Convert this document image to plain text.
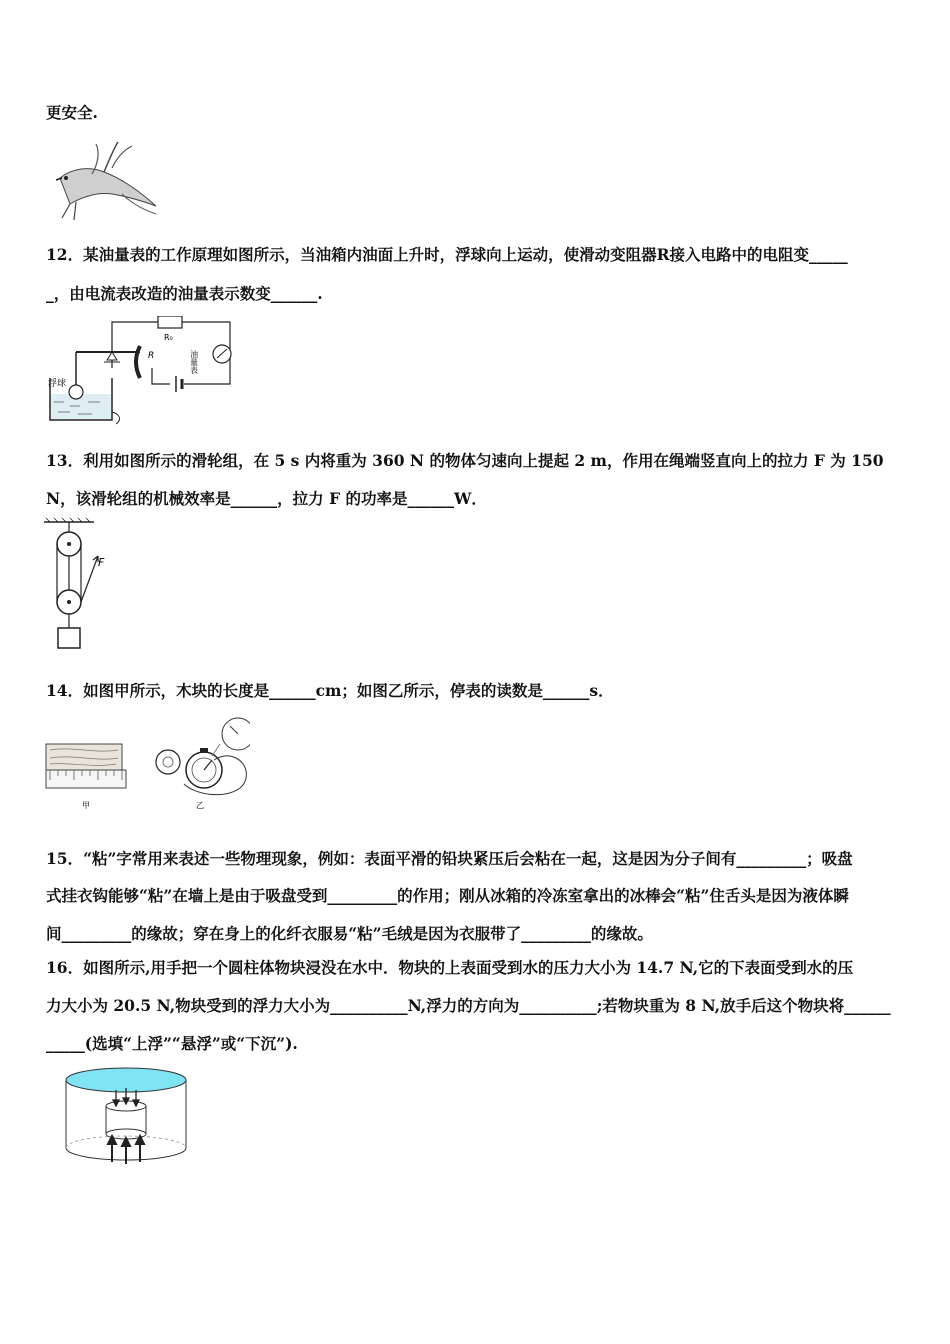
更安全.
12．某油量表的工作原理如图所示，当油箱内油面上升时，浮球向上运动，使滑动变阻器R接入电路中的电阻变_____
_，由电流表改造的油量表示数变______.
R₀
油量表
R
浮球
13．利用如图所示的滑轮组，在 5 s 内将重为 360 N 的物体匀速向上提起 2 m，作用在绳端竖直向上的拉力 F 为 150
N，该滑轮组的机械效率是______，拉力 F 的功率是______W．
F
14．如图甲所示，木块的长度是______cm；如图乙所示，停表的读数是______s．
甲	乙
15．“粘”字常用来表述一些物理现象，例如：表面平滑的铅块紧压后会粘在一起，这是因为分子间有_________；吸盘
式挂衣钩能够“粘”在墙上是由于吸盘受到_________的作用；刚从冰箱的冷冻室拿出的冰棒会“粘”住舌头是因为液体瞬
间_________的缘故；穿在身上的化纤衣服易“粘”毛绒是因为衣服带了_________的缘故。
16．如图所示,用手把一个圆柱体物块浸没在水中．物块的上表面受到水的压力大小为 14.7 N,它的下表面受到水的压
力大小为 20.5 N,物块受到的浮力大小为__________N,浮力的方向为__________;若物块重为 8 N,放手后这个物块将______
_____(选填“上浮”“悬浮”或“下沉”).
